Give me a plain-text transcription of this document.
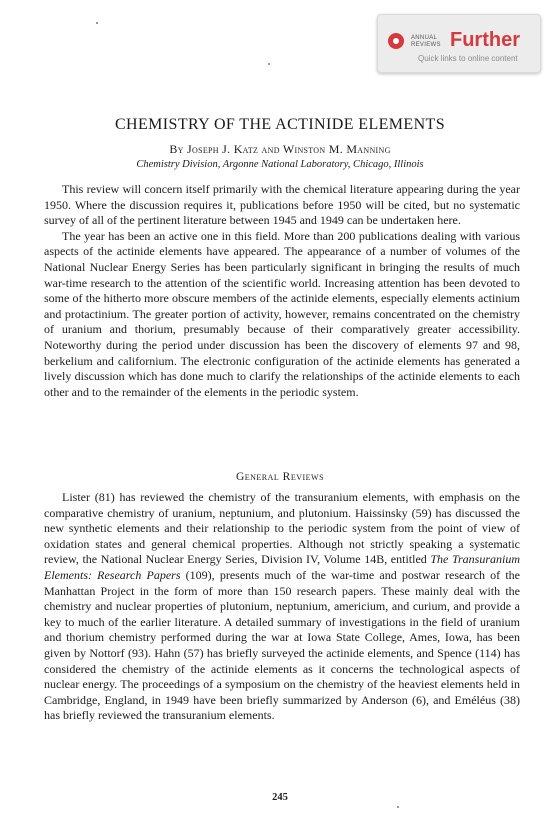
ANNUAL
REVIEWS Further
Quick links to online content
CHEMISTRY OF THE ACTINIDE ELEMENTS
By Joseph J. Katz and Winston M. Manning
Chemistry Division, Argonne National Laboratory, Chicago, Illinois

This review will concern itself primarily with the chemical literature appearing during the year 1950. Where the discussion requires it, publications before 1950 will be cited, but no systematic survey of all of the pertinent literature between 1945 and 1949 can be undertaken here.

The year has been an active one in this field. More than 200 publications dealing with various aspects of the actinide elements have appeared. The appearance of a number of volumes of the National Nuclear Energy Series has been particularly significant in bringing the results of much war-time research to the attention of the scientific world. Increasing attention has been devoted to some of the hitherto more obscure members of the actinide elements, especially elements actinium and protactinium. The greater portion of activity, however, remains concentrated on the chemistry of uranium and thorium, presumably because of their comparatively greater accessibility. Noteworthy during the period under discussion has been the discovery of elements 97 and 98, berkelium and californium. The electronic configuration of the actinide elements has generated a lively discussion which has done much to clarify the relationships of the actinide elements to each other and to the remainder of the elements in the periodic system.

General Reviews

Lister (81) has reviewed the chemistry of the transuranium elements, with emphasis on the comparative chemistry of uranium, neptunium, and plutonium. Haissinsky (59) has discussed the new synthetic elements and their relationship to the periodic system from the point of view of oxidation states and general chemical properties. Although not strictly speaking a systematic review, the National Nuclear Energy Series, Division IV, Volume 14B, entitled The Transuranium Elements: Research Papers (109), presents much of the war-time and postwar research of the Manhattan Project in the form of more than 150 research papers. These mainly deal with the chemistry and nuclear properties of plutonium, neptunium, americium, and curium, and provide a key to much of the earlier literature. A detailed summary of investigations in the field of uranium and thorium chemistry performed during the war at Iowa State College, Ames, Iowa, has been given by Nottorf (93). Hahn (57) has briefly surveyed the actinide elements, and Spence (114) has considered the chemistry of the actinide elements as it concerns the technological aspects of nuclear energy. The proceedings of a symposium on the chemistry of the heaviest elements held in Cambridge, England, in 1949 have been briefly summarized by Anderson (6), and Eméléus (38) has briefly reviewed the transuranium elements.

245
